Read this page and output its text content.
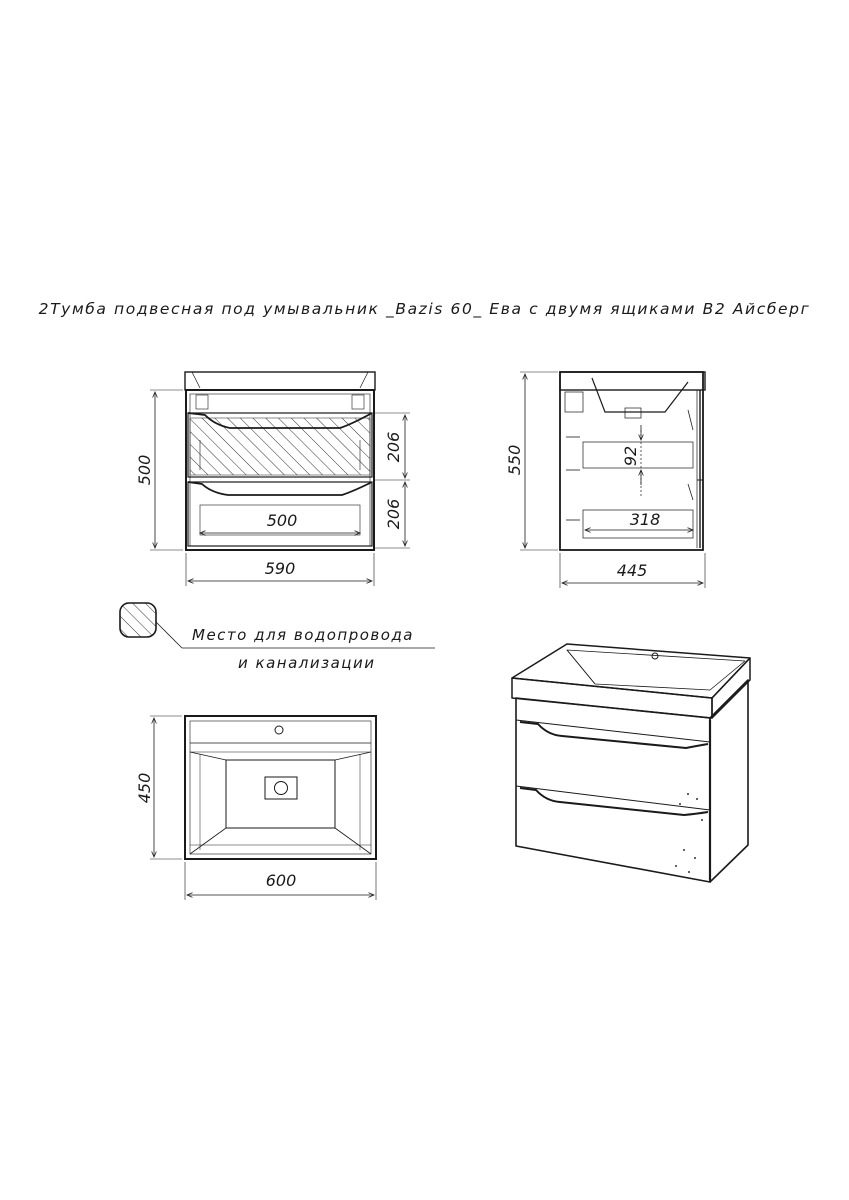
2Тумба подвесная под умывальник _Bazis 60_ Ева с двумя ящиками В2 Айсберг
500
590
500
206
206
550
445
92
318
Место для водопровода
и канализации
450
600
